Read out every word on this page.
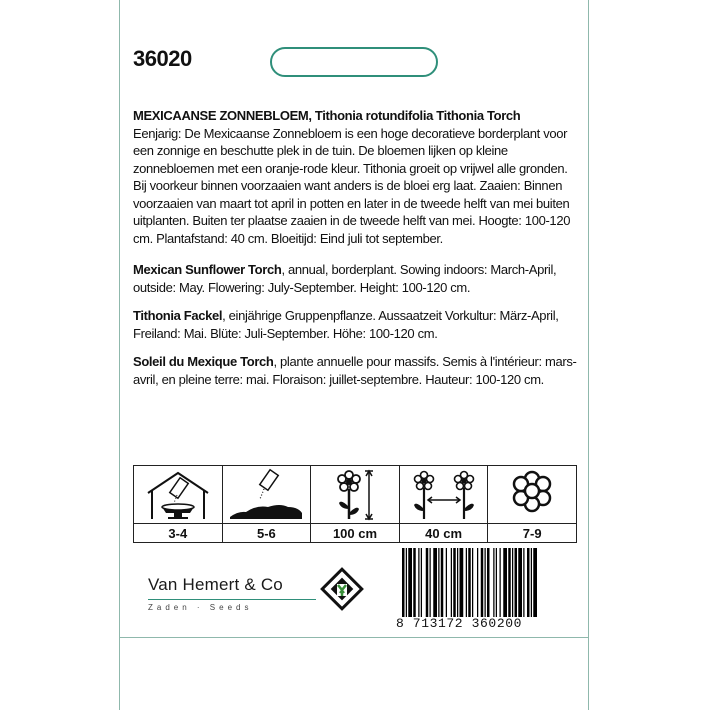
36020
MEXICAANSE ZONNEBLOEM, Tithonia rotundifolia Tithonia Torch
Eenjarig: De Mexicaanse Zonnebloem is een hoge decoratieve borderplant voor een zonnige en beschutte plek in de tuin. De bloemen lijken op kleine zonnebloemen met een oranje-rode kleur. Tithonia groeit op vrijwel alle gronden. Bij voorkeur binnen voorzaaien want anders is de bloei erg laat. Zaaien: Binnen voorzaaien van maart tot april in potten en later in de tweede helft van mei buiten uitplanten. Buiten ter plaatse zaaien in de tweede helft van mei. Hoogte: 100-120 cm. Plantafstand: 40 cm. Bloeitijd: Eind juli tot september.
Mexican Sunflower Torch, annual, borderplant. Sowing indoors: March-April, outside: May. Flowering: July-September. Height: 100-120 cm.
Tithonia Fackel, einjährige Gruppenpflanze. Aussaatzeit Vorkultur: März-April, Freiland: Mai. Blüte: Juli-September. Höhe: 100-120 cm.
Soleil du Mexique Torch, plante annuelle pour massifs. Semis à l'intérieur: mars-avril, en pleine terre: mai. Floraison: juillet-septembre. Hauteur: 100-120 cm.
3-4	5-6	100 cm	40 cm	7-9
Van Hemert & Co
Zaden · Seeds
8 713172 360200
